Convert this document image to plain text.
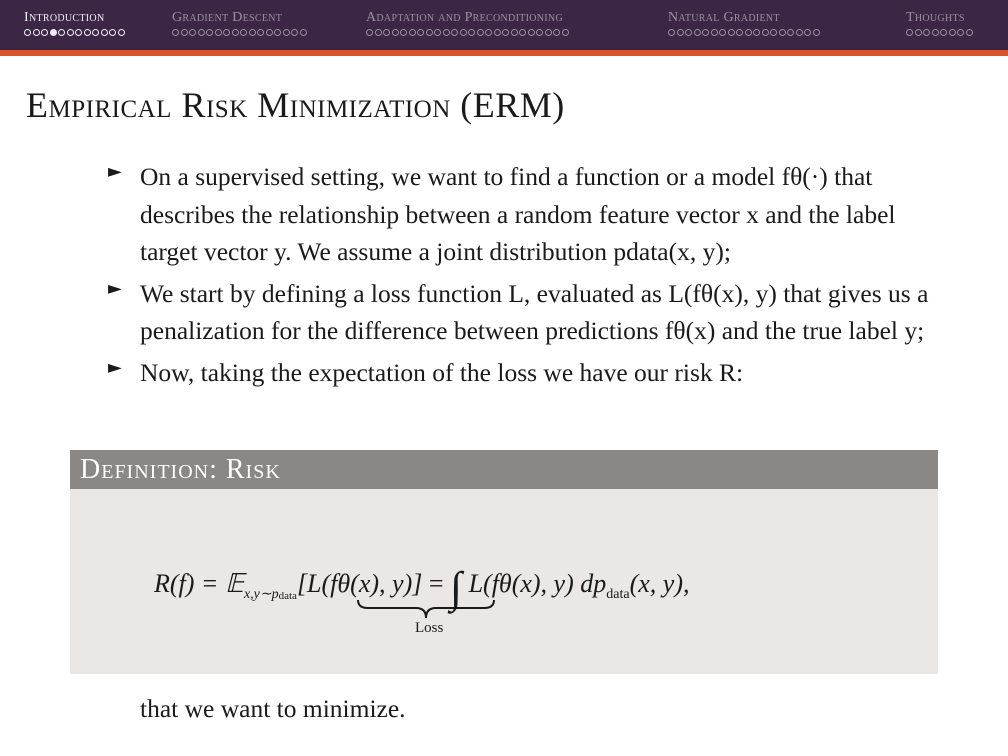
Introduction	Gradient Descent	Adaptation and Preconditioning	Natural Gradient	Thoughts
Empirical Risk Minimization (ERM)
► On a supervised setting, we want to find a function or a model fθ(·) that describes the relationship between a random feature vector x and the label target vector y. We assume a joint distribution pdata(x, y);
► We start by defining a loss function L, evaluated as L(fθ(x), y) that gives us a penalization for the difference between predictions fθ(x) and the true label y;
► Now, taking the expectation of the loss we have our risk R:
Definition: Risk
R(f) = 𝔼$_{x,y\sim pdata}$[L(fθ(x), y)] = ∫ L(fθ(x), y) $dp_{data}(x$, y),
Loss
that we want to minimize.
